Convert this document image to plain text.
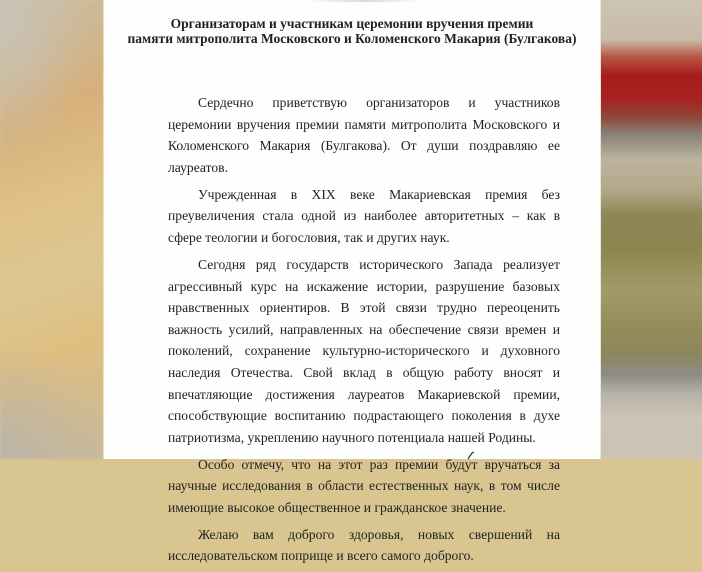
Организаторам и участникам церемонии вручения премии
памяти митрополита Московского и Коломенского Макария (Булгакова)

Сердечно приветствую организаторов и участников церемонии вручения премии памяти митрополита Московского и Коломенского Макария (Булгакова). От души поздравляю ее лауреатов.

Учрежденная в XIX веке Макариевская премия без преувеличения стала одной из наиболее авторитетных – как в сфере теологии и богословия, так и других наук.

Сегодня ряд государств исторического Запада реализует агрессивный курс на искажение истории, разрушение базовых нравственных ориентиров. В этой связи трудно переоценить важность усилий, направленных на обеспечение связи времен и поколений, сохранение культурно-исторического и духовного наследия Отечества. Свой вклад в общую работу вносят и впечатляющие достижения лауреатов Макариевской премии, способствующие воспитанию подрастающего поколения в духе патриотизма, укреплению научного потенциала нашей Родины.

Особо отмечу, что на этот раз премии будут вручаться за научные исследования в области естественных наук, в том числе имеющие высокое общественное и гражданское значение.

Желаю вам доброго здоровья, новых свершений на исследовательском поприще и всего самого доброго.
